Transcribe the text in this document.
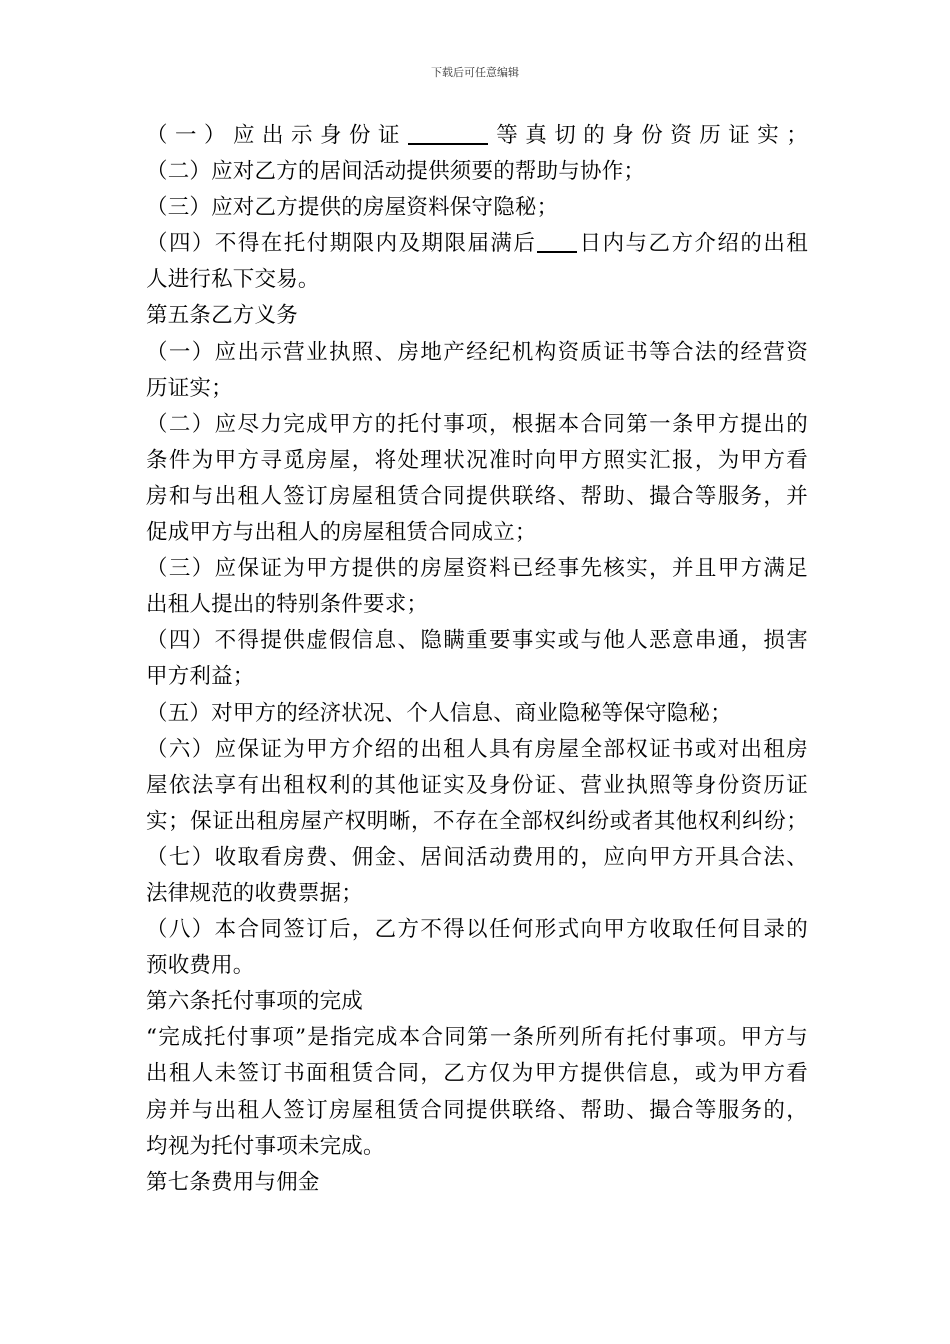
下载后可任意编辑
（一）应出示身份证	等真切的身份资历证实；
（二）应对乙方的居间活动提供须要的帮助与协作；
（三）应对乙方提供的房屋资料保守隐秘；
（四）不得在托付期限内及期限届满后 日内与乙方介绍的出租
人进行私下交易。
第五条乙方义务
（一）应出示营业执照、房地产经纪机构资质证书等合法的经营资
历证实；
（二）应尽力完成甲方的托付事项，根据本合同第一条甲方提出的
条件为甲方寻觅房屋，将处理状况准时向甲方照实汇报，为甲方看
房和与出租人签订房屋租赁合同提供联络、帮助、撮合等服务，并
促成甲方与出租人的房屋租赁合同成立；
（三）应保证为甲方提供的房屋资料已经事先核实，并且甲方满足
出租人提出的特别条件要求；
（四）不得提供虚假信息、隐瞒重要事实或与他人恶意串通，损害
甲方利益；
（五）对甲方的经济状况、个人信息、商业隐秘等保守隐秘；
（六）应保证为甲方介绍的出租人具有房屋全部权证书或对出租房
屋依法享有出租权利的其他证实及身份证、营业执照等身份资历证
实；保证出租房屋产权明晰，不存在全部权纠纷或者其他权利纠纷；
（七）收取看房费、佣金、居间活动费用的，应向甲方开具合法、
法律规范的收费票据；
（八）本合同签订后，乙方不得以任何形式向甲方收取任何目录的
预收费用。
第六条托付事项的完成
“完成托付事项”是指完成本合同第一条所列所有托付事项。甲方与
出租人未签订书面租赁合同，乙方仅为甲方提供信息，或为甲方看
房并与出租人签订房屋租赁合同提供联络、帮助、撮合等服务的，
均视为托付事项未完成。
第七条费用与佣金
